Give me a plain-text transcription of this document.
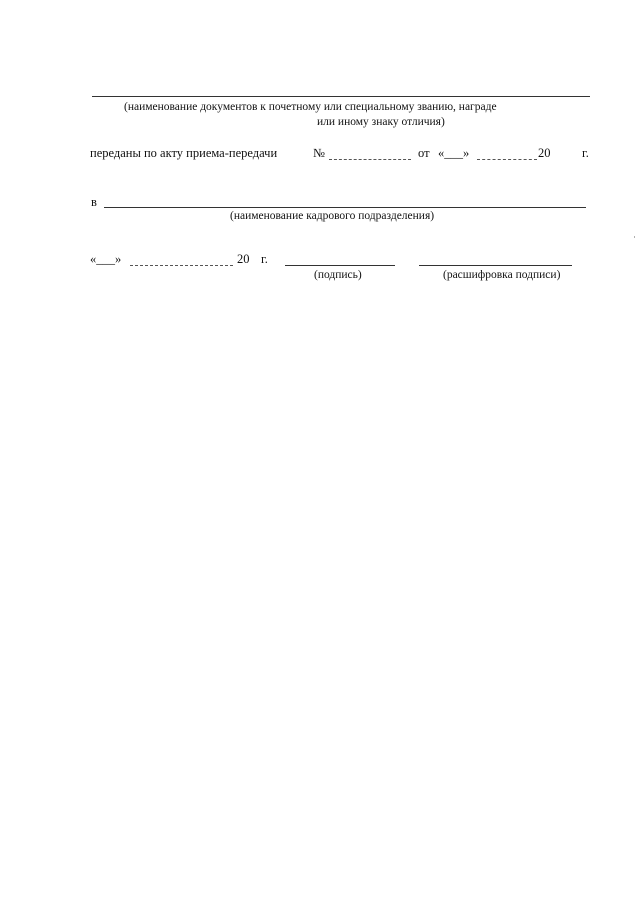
(наименование документов к почетному или специальному званию, награде
или иному знаку отличия)
переданы по акту приема-передачи	№	от «___»	20	г.
в
(наименование кадрового подразделения)
«___»	20 г.
(подпись)	(расшифровка подписи)
